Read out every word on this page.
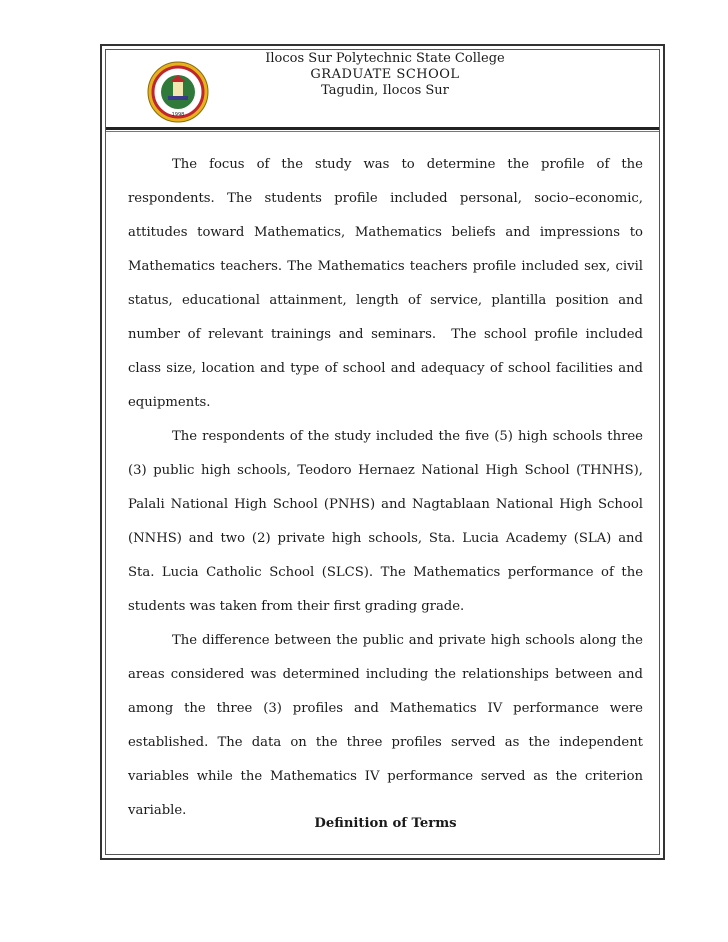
1998
Ilocos Sur Polytechnic State College
GRADUATE SCHOOL
Tagudin, Ilocos Sur

The focus of the study was to determine the profile of the respondents. The students profile included personal, socio–economic, attitudes toward Mathematics, Mathematics beliefs and impressions to Mathematics teachers. The Mathematics teachers profile included sex, civil status, educational attainment, length of service, plantilla position and number of relevant trainings and seminars.  The school profile included class size, location and type of school and adequacy of school facilities and equipments.

The respondents of the study included the five (5) high schools three (3) public high schools, Teodoro Hernaez National High School (THNHS), Palali National High School (PNHS) and Nagtablaan National High School (NNHS) and two (2) private high schools, Sta. Lucia Academy (SLA) and Sta. Lucia Catholic School (SLCS). The Mathematics performance of the students was taken from their first grading grade.

The difference between the public and private high schools along the areas considered was determined including the relationships between and among the three (3) profiles and Mathematics IV performance were established. The data on the three profiles served as the independent variables while the Mathematics IV performance served as the criterion variable.

Definition of Terms
